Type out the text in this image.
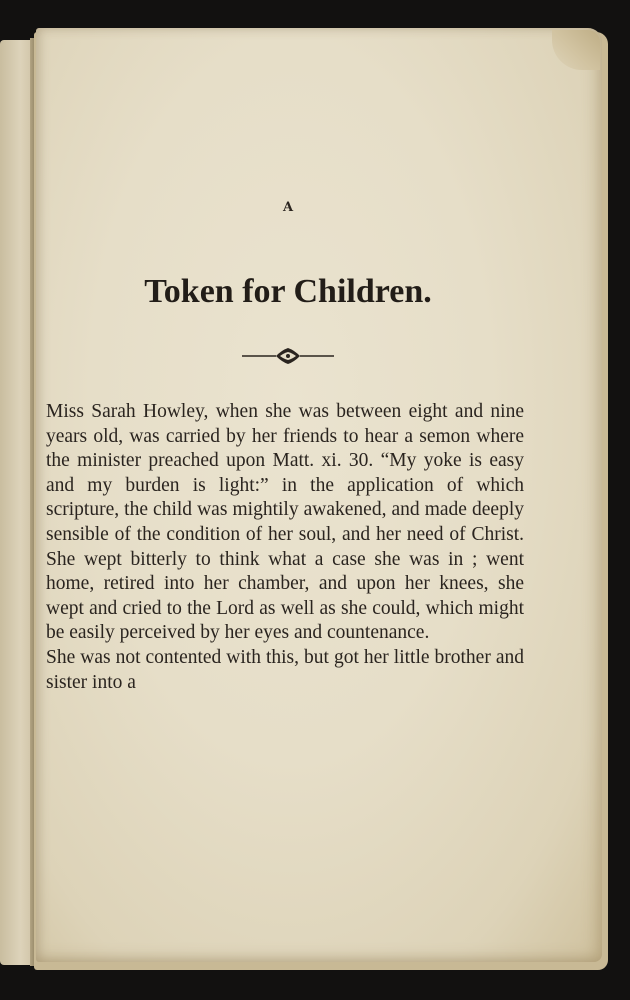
A

Token for Children.

Miss Sarah Howley, when she was between eight and nine years old, was carried by her friends to hear a semon where the minister preached upon Matt. xi. 30. “My yoke is easy and my burden is light:” in the application of which scripture, the child was mightily awakened, and made deeply sensible of the condition of her soul, and her need of Christ. She wept bitterly to think what a case she was in ; went home, retired into her chamber, and upon her knees, she wept and cried to the Lord as well as she could, which might be easily perceived by her eyes and countenance.

She was not contented with this, but got her little brother and sister into a
